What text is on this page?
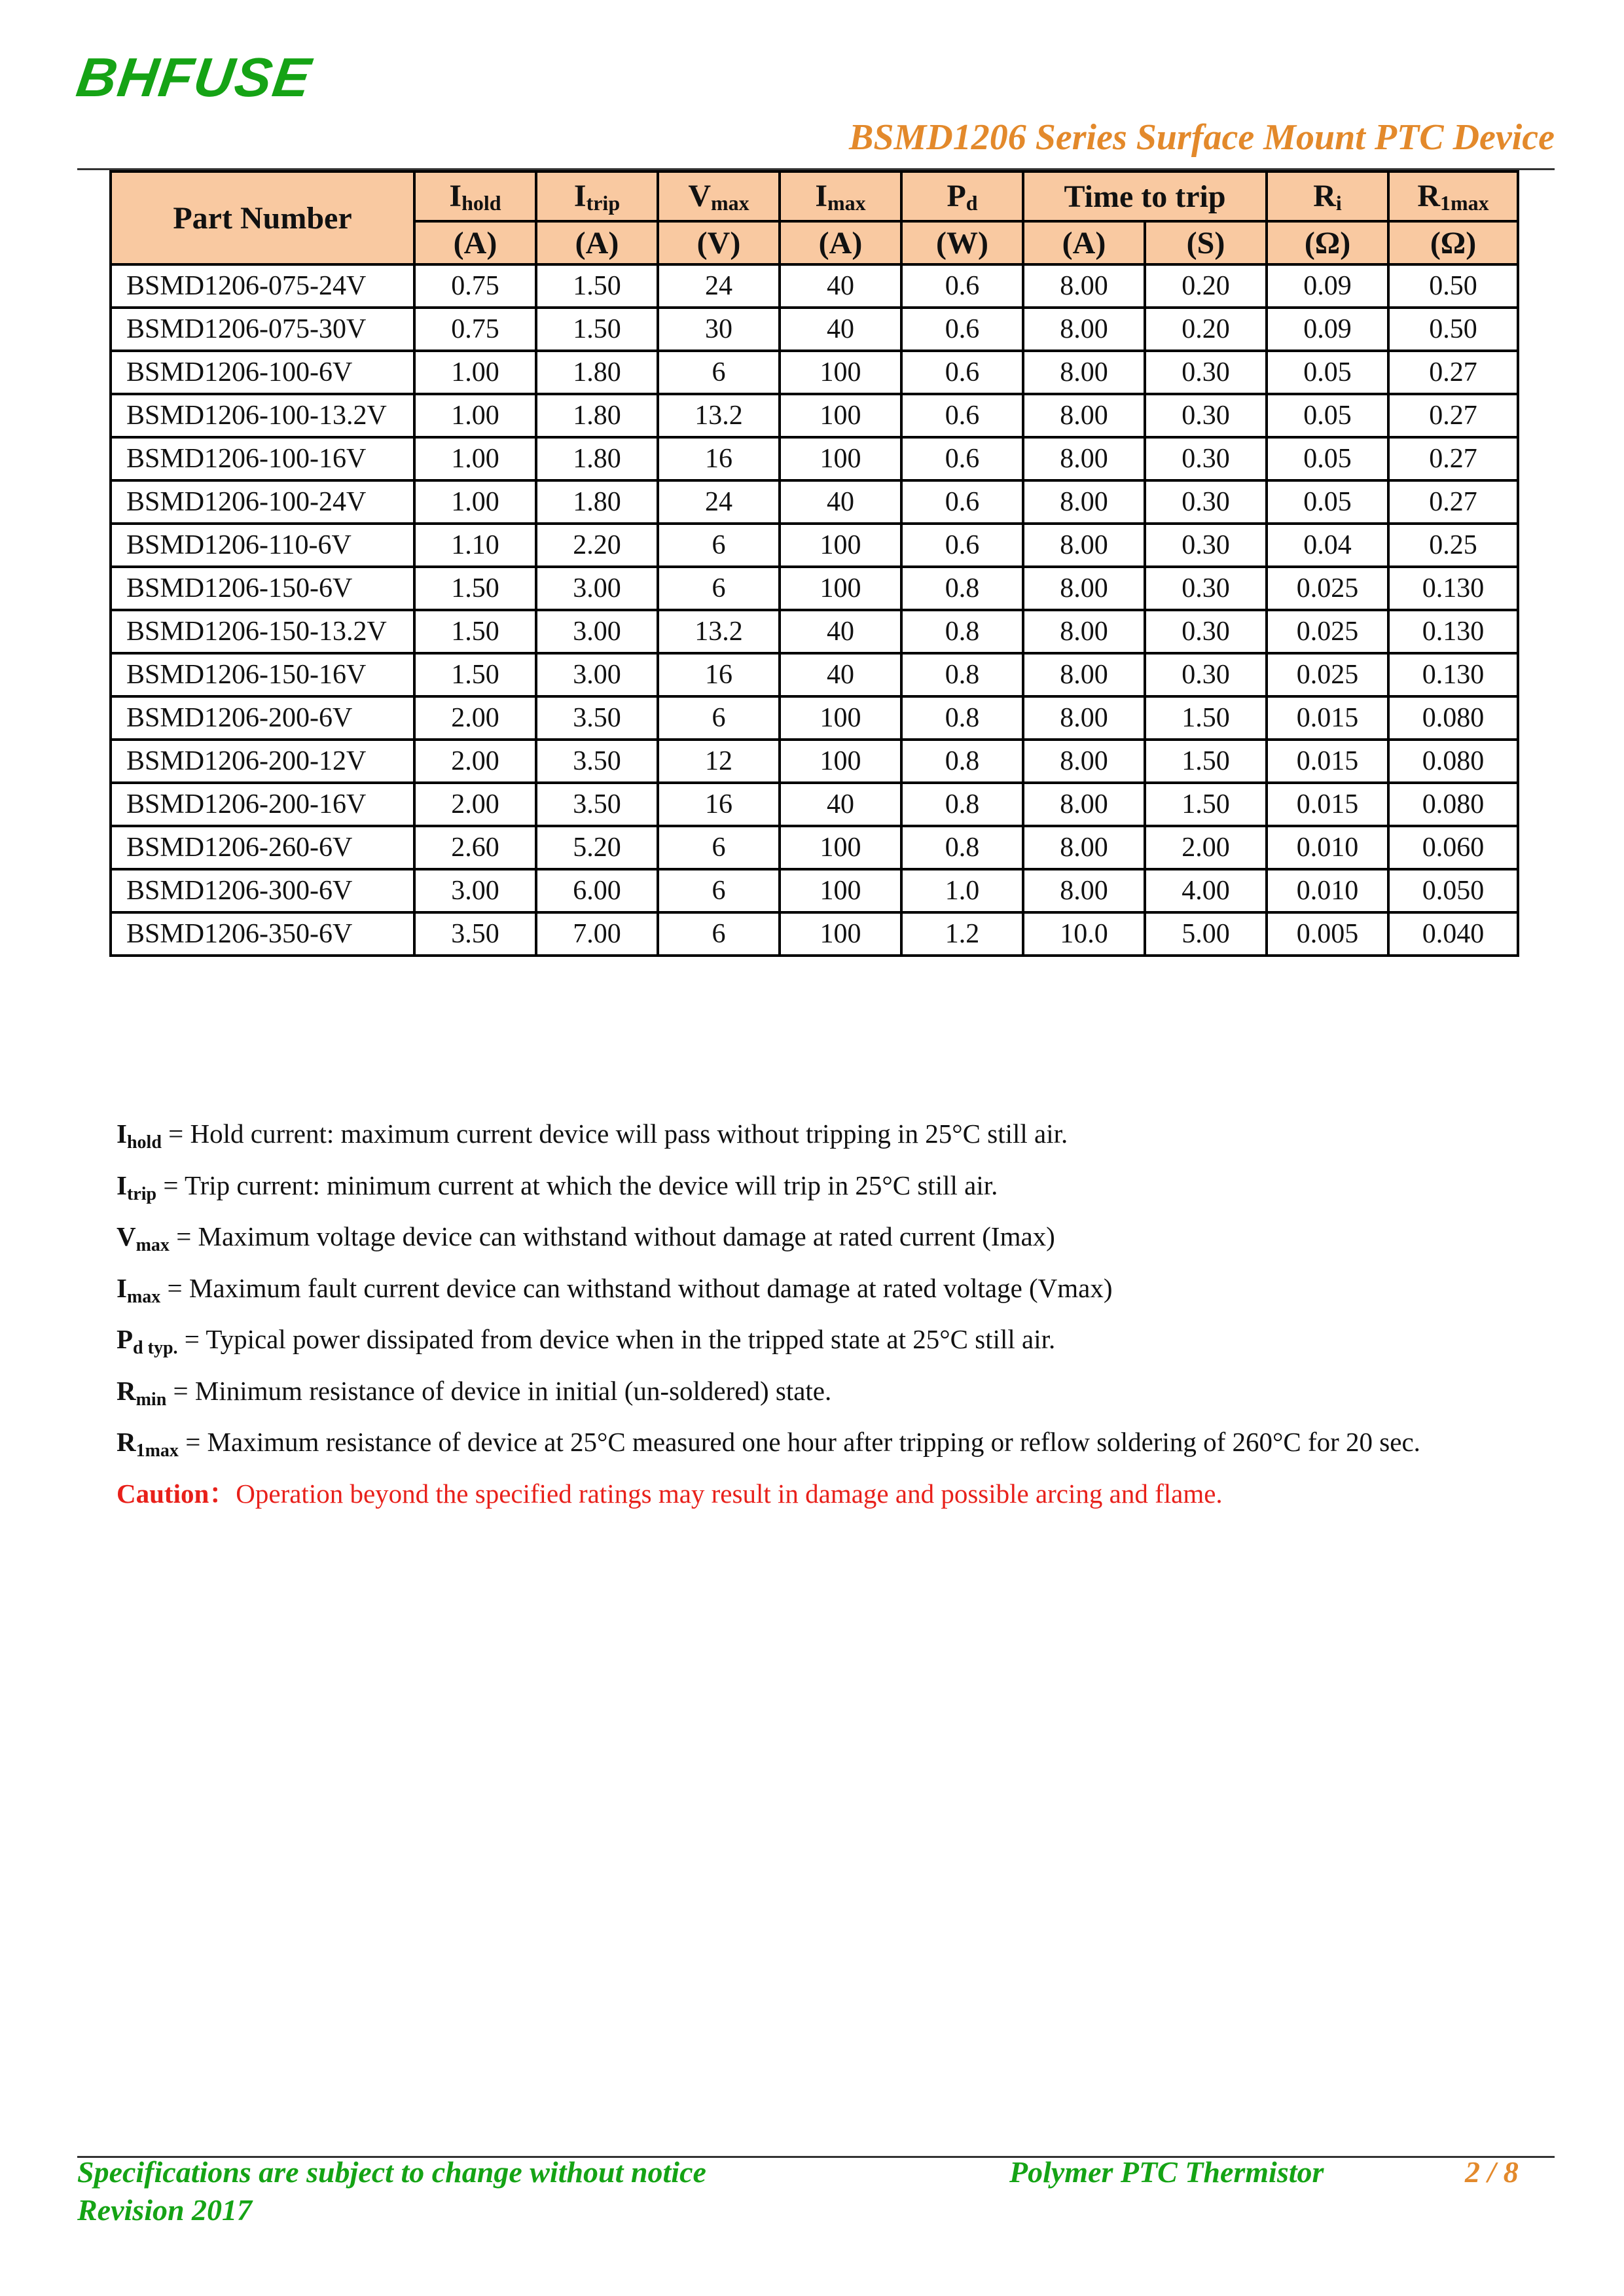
BHFUSE
BSMD1206 Series Surface Mount PTC Device
Part Number	$I_{hold}$	$I_{trip}$	$V_{max}$	$I_{max}$	$P_d$	Time to trip		$R_i$	$R_{1max}$
	(A)	(A)	(V)	(A)	(W)	(A)	(S)	(Ω)	(Ω)
BSMD1206-075-24V	0.75	1.50	24	40	0.6	8.00	0.20	0.09	0.50
BSMD1206-075-30V	0.75	1.50	30	40	0.6	8.00	0.20	0.09	0.50
BSMD1206-100-6V	1.00	1.80	6	100	0.6	8.00	0.30	0.05	0.27
BSMD1206-100-13.2V	1.00	1.80	13.2	100	0.6	8.00	0.30	0.05	0.27
BSMD1206-100-16V	1.00	1.80	16	100	0.6	8.00	0.30	0.05	0.27
BSMD1206-100-24V	1.00	1.80	24	40	0.6	8.00	0.30	0.05	0.27
BSMD1206-110-6V	1.10	2.20	6	100	0.6	8.00	0.30	0.04	0.25
BSMD1206-150-6V	1.50	3.00	6	100	0.8	8.00	0.30	0.025	0.130
BSMD1206-150-13.2V	1.50	3.00	13.2	40	0.8	8.00	0.30	0.025	0.130
BSMD1206-150-16V	1.50	3.00	16	40	0.8	8.00	0.30	0.025	0.130
BSMD1206-200-6V	2.00	3.50	6	100	0.8	8.00	1.50	0.015	0.080
BSMD1206-200-12V	2.00	3.50	12	100	0.8	8.00	1.50	0.015	0.080
BSMD1206-200-16V	2.00	3.50	16	40	0.8	8.00	1.50	0.015	0.080
BSMD1206-260-6V	2.60	5.20	6	100	0.8	8.00	2.00	0.010	0.060
BSMD1206-300-6V	3.00	6.00	6	100	1.0	8.00	4.00	0.010	0.050
BSMD1206-350-6V	3.50	7.00	6	100	1.2	10.0	5.00	0.005	0.040
$I_{hold}$ = Hold current: maximum current device will pass without tripping in 25°C still air.
$I_{trip}$ = Trip current: minimum current at which the device will trip in 25°C still air.
$V_{max}$ = Maximum voltage device can withstand without damage at rated current (Imax)
$I_{max}$ = Maximum fault current device can withstand without damage at rated voltage (Vmax)
$P_{d typ.}$ = Typical power dissipated from device when in the tripped state at 25°C still air.
$R_{min}$ = Minimum resistance of device in initial (un-soldered) state.
$R_{1max}$ = Maximum resistance of device at 25°C measured one hour after tripping or reflow soldering of 260°C for 20 sec.
Caution：Operation beyond the specified ratings may result in damage and possible arcing and flame.
Specifications are subject to change without notice
Revision 2017
Polymer PTC Thermistor	2 / 8
